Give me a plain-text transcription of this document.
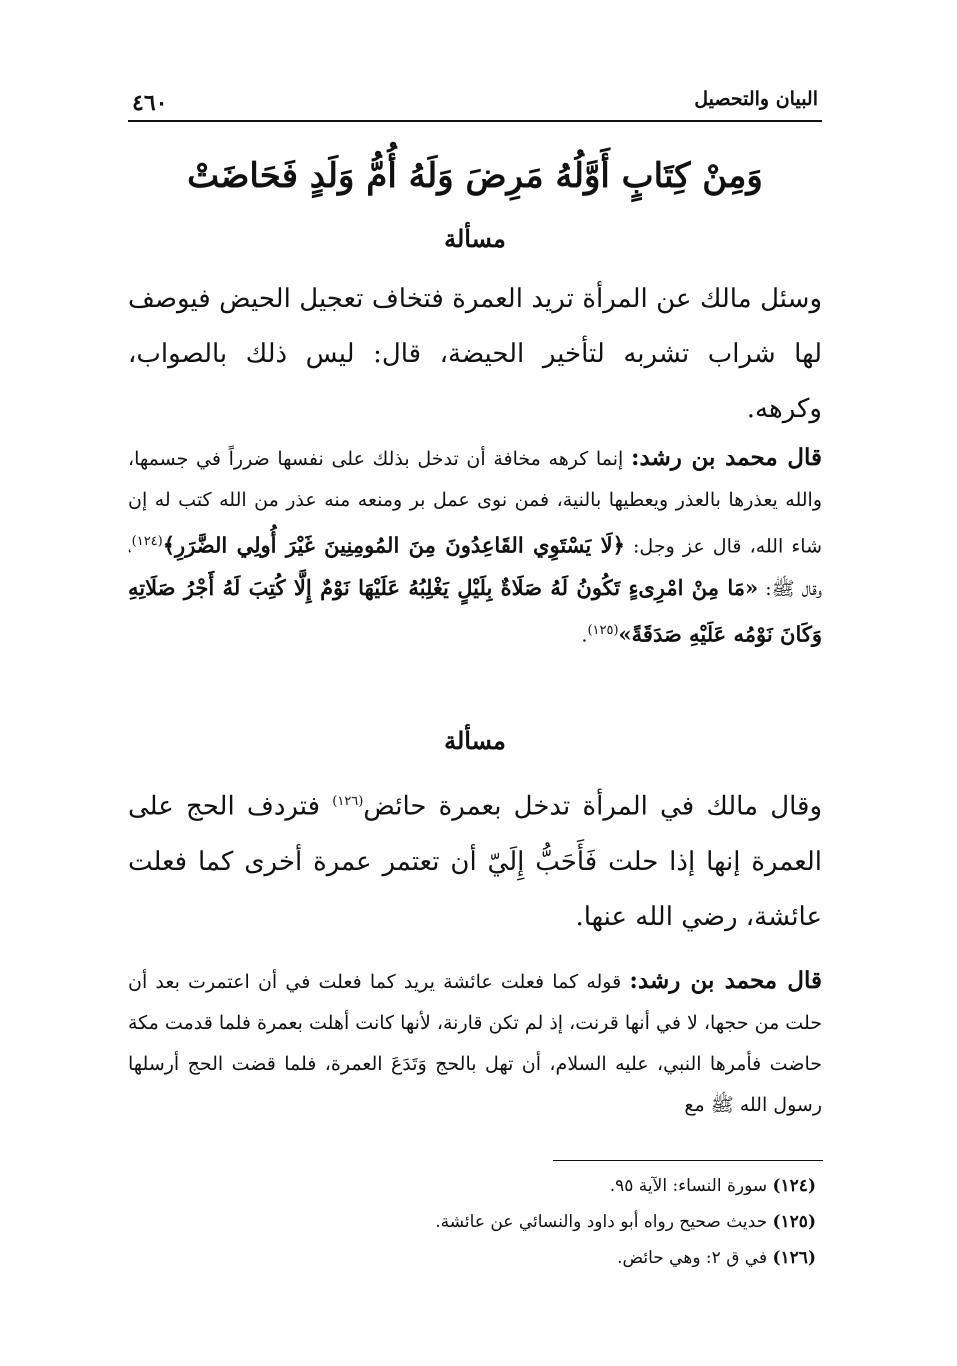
البيان والتحصيل
٤٦٠
وَمِنْ كِتَابٍ أَوَّلُهُ مَرِضَ وَلَهُ أُمُّ وَلَدٍ فَحَاضَتْ
مسألة

وسئل مالك عن المرأة تريد العمرة فتخاف تعجيل الحيض فيوصف لها شراب تشربه لتأخير الحيضة، قال: ليس ذلك بالصواب، وكرهه.

قال محمد بن رشد: إنما كرهه مخافة أن تدخل بذلك على نفسها ضرراً في جسمها، والله يعذرها بالعذر ويعطيها بالنية، فمن نوى عمل بر ومنعه منه عذر من الله كتب له إن شاء الله، قال عز وجل: ﴿لَا يَسْتَوِي القَاعِدُونَ مِنَ المُومِنِينَ غَيْرَ أُولِي الضَّرَرِ﴾$^{(١٢٤)}$، وقال ﷺ: «مَا مِنْ امْرِىءٍ تَكُونُ لَهُ صَلَاةٌ بِلَيْلٍ يَغْلِبُهُ عَلَيْهَا نَوْمٌ إِلَّا كُتِبَ لَهُ أَجْرُ صَلَاتِهِ وَكَانَ نَوْمُه عَلَيْهِ صَدَقَةً»$^{(١٢٥)}$.

مسألة

وقال مالك في المرأة تدخل بعمرة حائض$^{(١٢٦)}$ فتردف الحج على العمرة إنها إذا حلت فَأَحَبُّ إِلَيّ أن تعتمر عمرة أخرى كما فعلت عائشة، رضي الله عنها.

قال محمد بن رشد: قوله كما فعلت عائشة يريد كما فعلت في أن اعتمرت بعد أن حلت من حجها، لا في أنها قرنت، إذ لم تكن قارنة، لأنها كانت أهلت بعمرة فلما قدمت مكة حاضت فأمرها النبي، عليه السلام، أن تهل بالحج وَتَدَعَ العمرة، فلما قضت الحج أرسلها رسول الله ﷺ مع

(١٢٤) سورة النساء: الآية ٩٥.
(١٢٥) حديث صحيح رواه أبو داود والنسائي عن عائشة.
(١٢٦) في ق ٢: وهي حائض.
